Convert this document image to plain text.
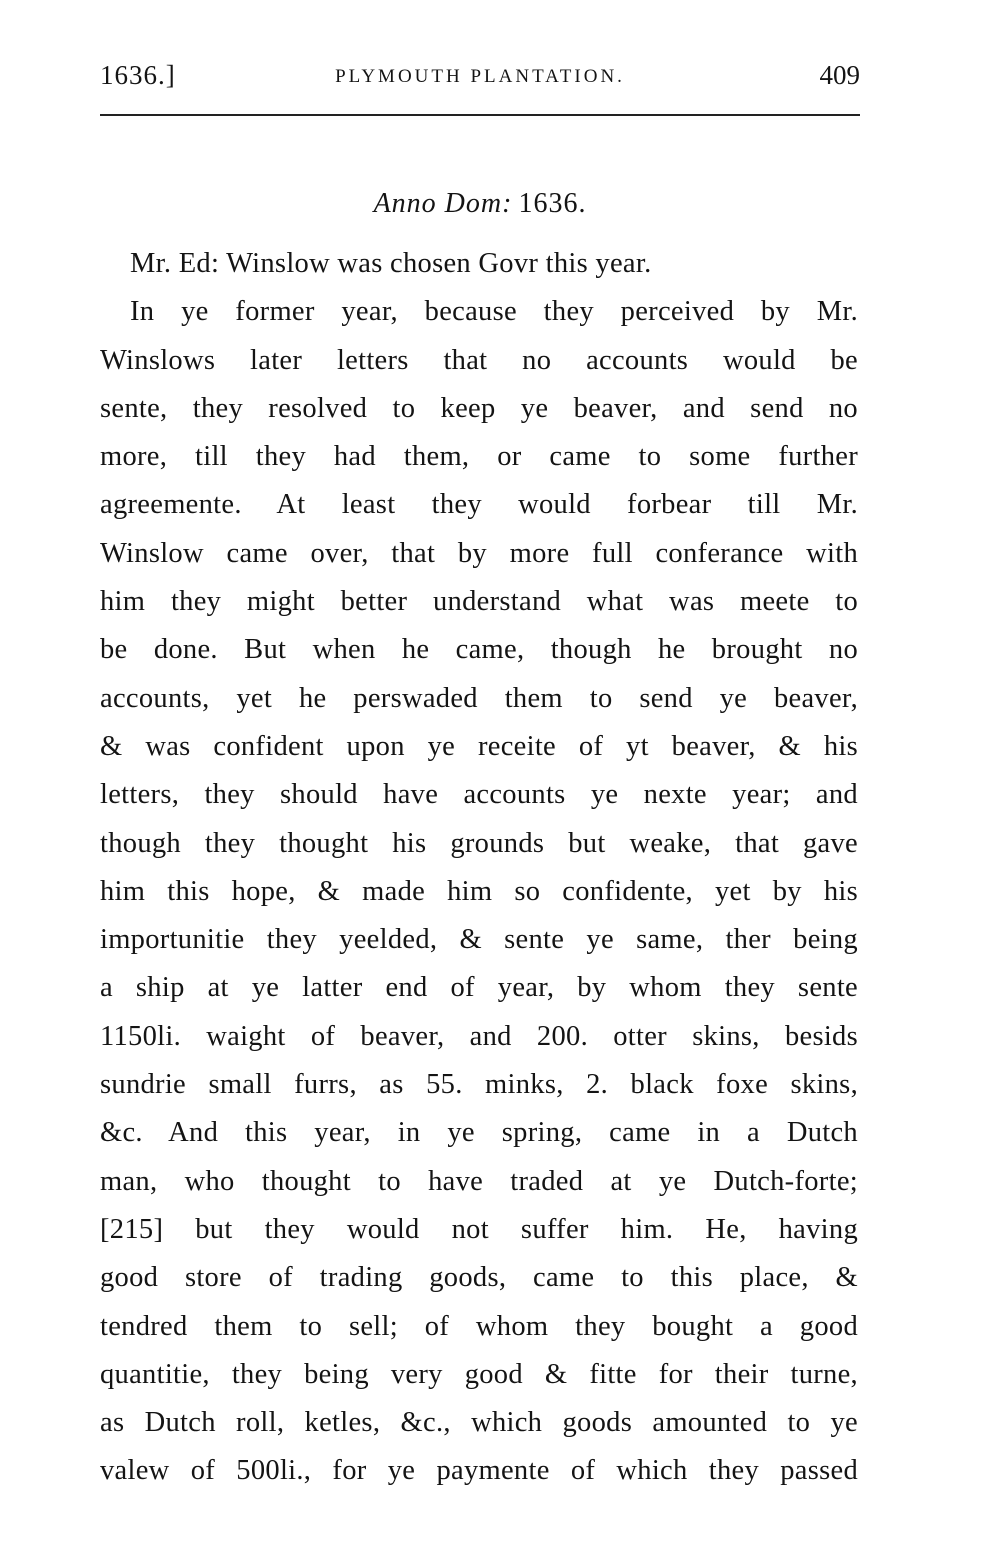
1636.]	PLYMOUTH PLANTATION.	409
Anno Dom: 1636.
Mr. Ed: Winslow was chosen Govr this year.
In ye former year, because they perceived by Mr.
Winslows later letters that no accounts would be
sente, they resolved to keep ye beaver, and send no
more, till they had them, or came to some further
agreemente. At least they would forbear till Mr.
Winslow came over, that by more full conferance with
him they might better understand what was meete to
be done. But when he came, though he brought no
accounts, yet he perswaded them to send ye beaver,
& was confident upon ye receite of yt beaver, & his
letters, they should have accounts ye nexte year; and
though they thought his grounds but weake, that gave
him this hope, & made him so confidente, yet by his
importunitie they yeelded, & sente ye same, ther being
a ship at ye latter end of year, by whom they sente
1150li. waight of beaver, and 200. otter skins, besids
sundrie small furrs, as 55. minks, 2. black foxe skins,
&c. And this year, in ye spring, came in a Dutch
man, who thought to have traded at ye Dutch-forte;
[215] but they would not suffer him. He, having
good store of trading goods, came to this place, &
tendred them to sell; of whom they bought a good
quantitie, they being very good & fitte for their turne,
as Dutch roll, ketles, &c., which goods amounted to ye
valew of 500li., for ye paymente of which they passed
